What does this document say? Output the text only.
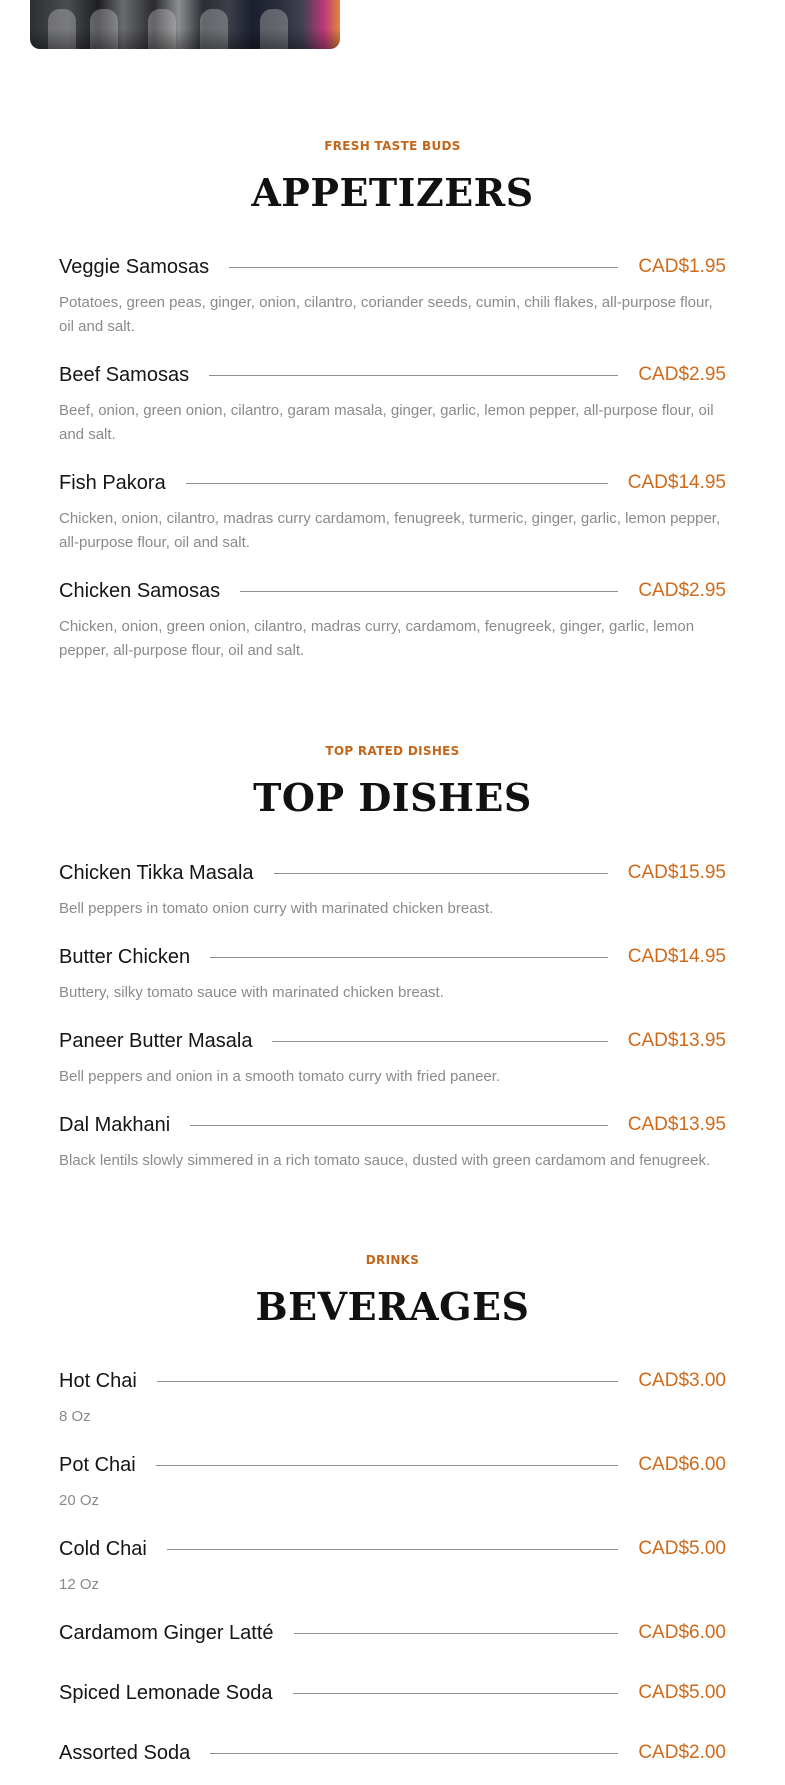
FRESH TASTE BUDS
APPETIZERS
Veggie Samosas	CAD$1.95
Potatoes, green peas, ginger, onion, cilantro, coriander seeds, cumin, chili flakes, all-purpose flour, oil and salt.
Beef Samosas	CAD$2.95
Beef, onion, green onion, cilantro, garam masala, ginger, garlic, lemon pepper, all-purpose flour, oil and salt.
Fish Pakora	CAD$14.95
Chicken, onion, cilantro, madras curry cardamom, fenugreek, turmeric, ginger, garlic, lemon pepper, all-purpose flour, oil and salt.
Chicken Samosas	CAD$2.95
Chicken, onion, green onion, cilantro, madras curry, cardamom, fenugreek, ginger, garlic, lemon pepper, all-purpose flour, oil and salt.
TOP RATED DISHES
TOP DISHES
Chicken Tikka Masala	CAD$15.95
Bell peppers in tomato onion curry with marinated chicken breast.
Butter Chicken	CAD$14.95
Buttery, silky tomato sauce with marinated chicken breast.
Paneer Butter Masala	CAD$13.95
Bell peppers and onion in a smooth tomato curry with fried paneer.
Dal Makhani	CAD$13.95
Black lentils slowly simmered in a rich tomato sauce, dusted with green cardamom and fenugreek.
DRINKS
BEVERAGES
Hot Chai	CAD$3.00
8 Oz
Pot Chai	CAD$6.00
20 Oz
Cold Chai	CAD$5.00
12 Oz
Cardamom Ginger Latté	CAD$6.00
Spiced Lemonade Soda	CAD$5.00
Assorted Soda	CAD$2.00
